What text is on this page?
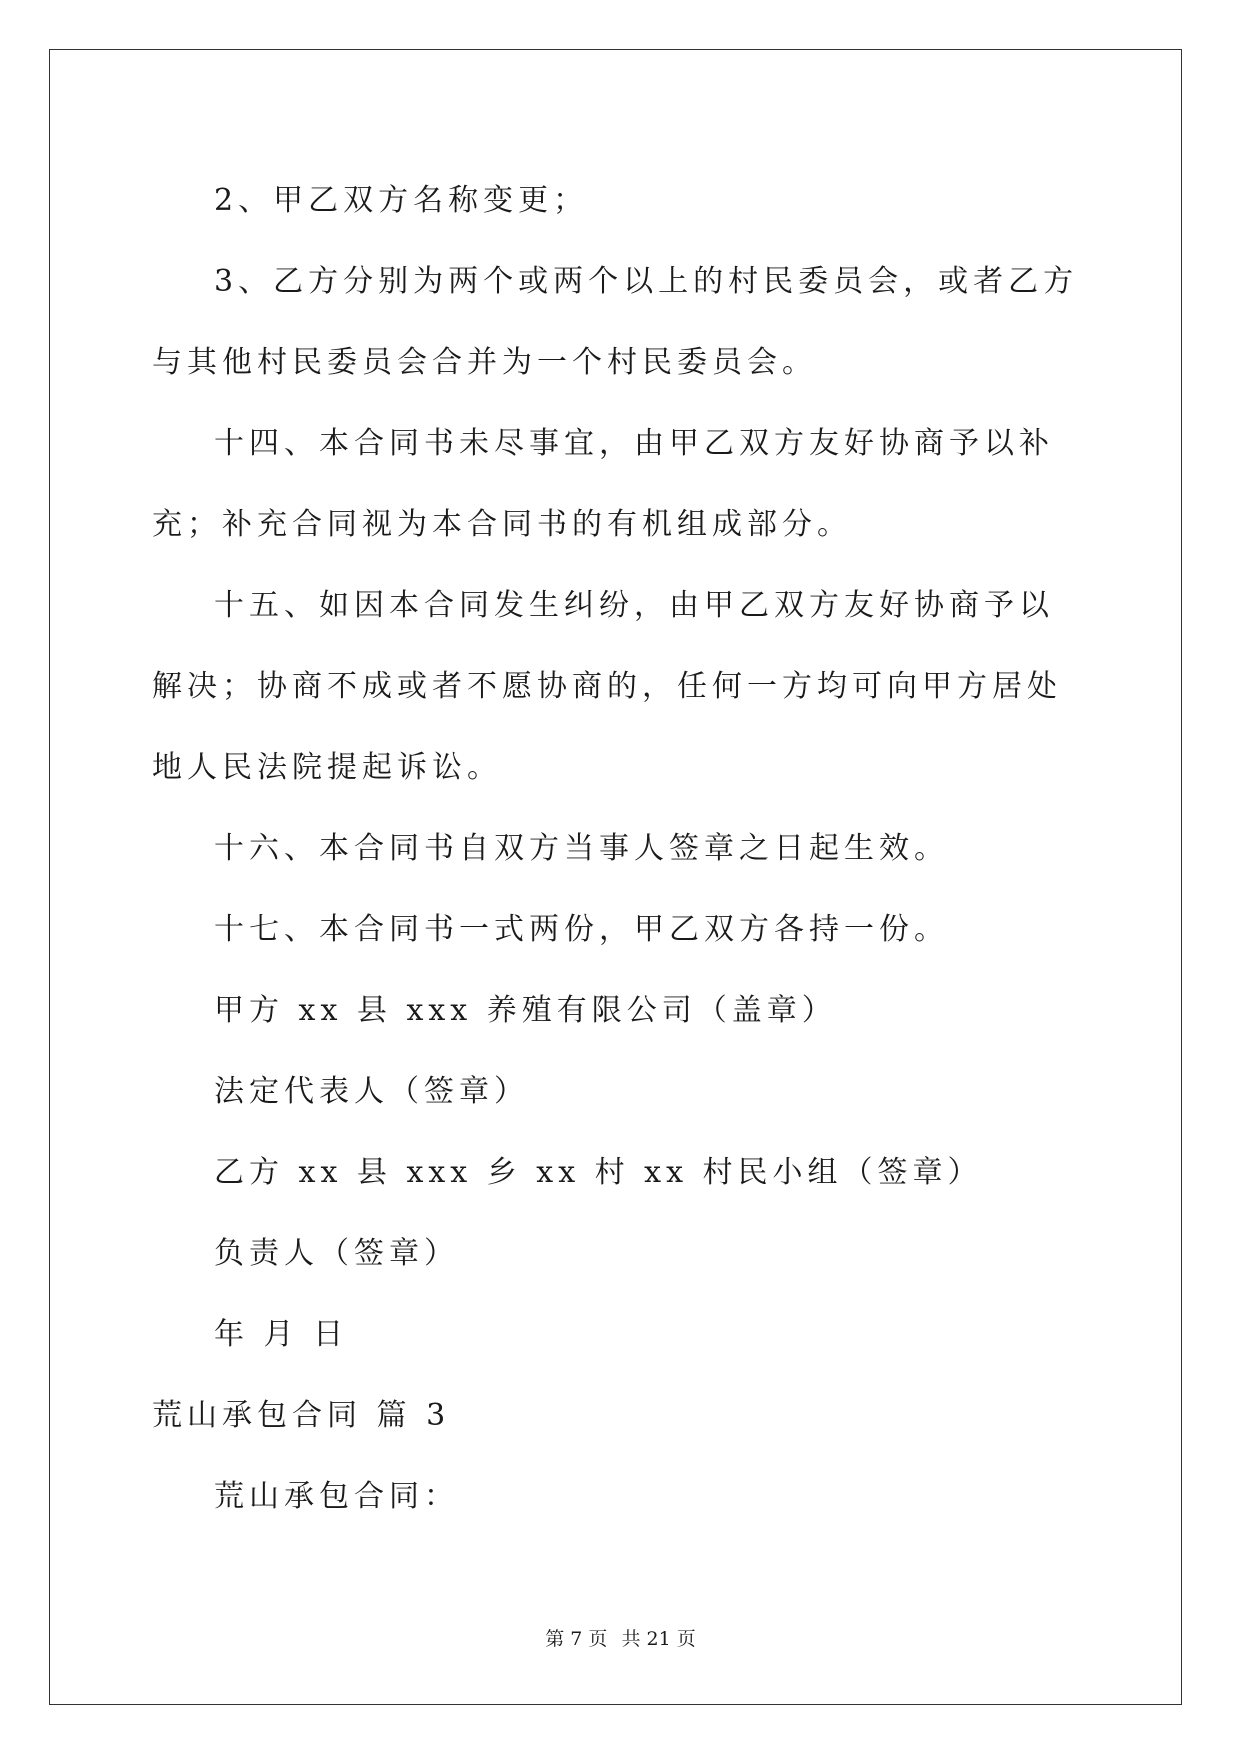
2、甲乙双方名称变更；

3、乙方分别为两个或两个以上的村民委员会，或者乙方与其他村民委员会合并为一个村民委员会。

十四、本合同书未尽事宜，由甲乙双方友好协商予以补充；补充合同视为本合同书的有机组成部分。

十五、如因本合同发生纠纷，由甲乙双方友好协商予以解决；协商不成或者不愿协商的，任何一方均可向甲方居处地人民法院提起诉讼。

十六、本合同书自双方当事人签章之日起生效。

十七、本合同书一式两份，甲乙双方各持一份。

甲方 xx 县 xxx 养殖有限公司（盖章）

法定代表人（签章）

乙方 xx 县 xxx 乡 xx 村 xx 村民小组（签章）

负责人（签章）

年 月 日

荒山承包合同 篇 3

荒山承包合同：

第 7 页 共 21 页
